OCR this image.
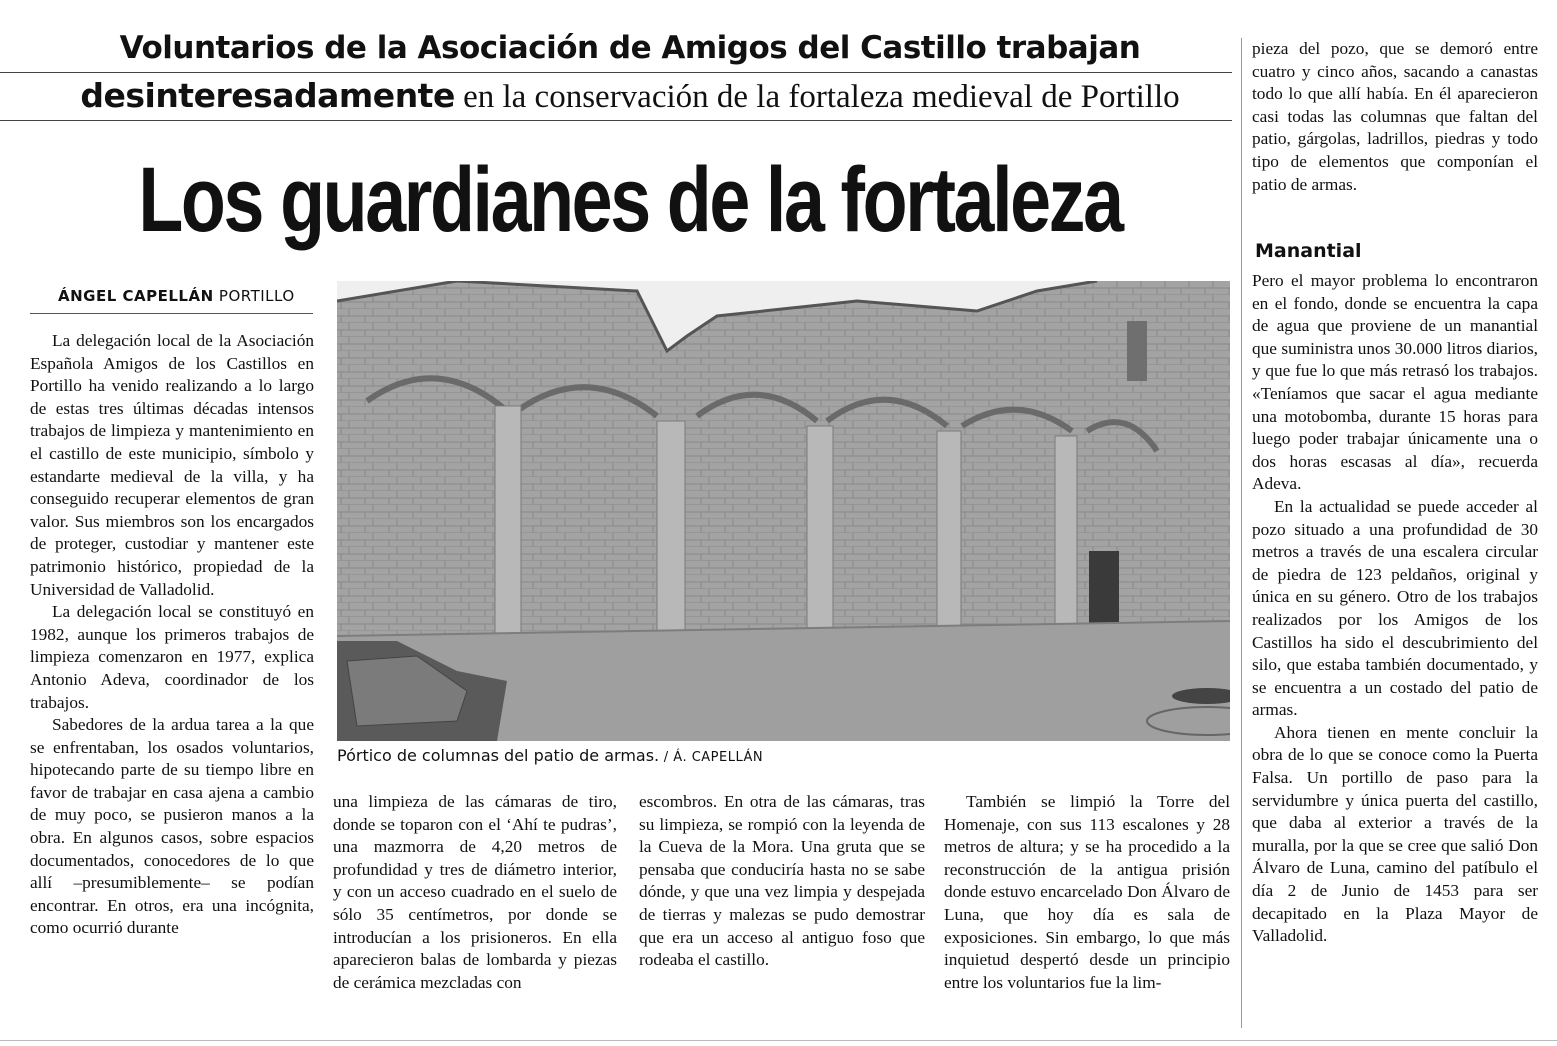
Voluntarios de la Asociación de Amigos del Castillo trabajan
desinteresadamente en la conservación de la fortaleza medieval de Portillo
Los guardianes de la fortaleza
ÁNGEL CAPELLÁN PORTILLO

La delegación local de la Asociación Española Amigos de los Castillos en Portillo ha venido realizando a lo largo de estas tres últimas décadas intensos trabajos de limpieza y mantenimiento en el castillo de este municipio, símbolo y estandarte medieval de la villa, y ha conseguido recuperar elementos de gran valor. Sus miembros son los encargados de proteger, custodiar y mantener este patrimonio histórico, propiedad de la Universidad de Valladolid.

La delegación local se constituyó en 1982, aunque los primeros trabajos de limpieza comenzaron en 1977, explica Antonio Adeva, coordinador de los trabajos.

Sabedores de la ardua tarea a la que se enfrentaban, los osados voluntarios, hipotecando parte de su tiempo libre en favor de trabajar en casa ajena a cambio de muy poco, se pusieron manos a la obra. En algunos casos, sobre espacios documentados, conocedores de lo que allí –presumiblemente– se podían encontrar. En otros, era una incógnita, como ocurrió durante

Pórtico de columnas del patio de armas. / Á. CAPELLÁN

una limpieza de las cámaras de tiro, donde se toparon con el ‘Ahí te pudras’, una mazmorra de 4,20 metros de profundidad y tres de diámetro interior, y con un acceso cuadrado en el suelo de sólo 35 centímetros, por donde se introducían a los prisioneros. En ella aparecieron balas de lombarda y piezas de cerámica mezcladas con

escombros. En otra de las cámaras, tras su limpieza, se rompió con la leyenda de la Cueva de la Mora. Una gruta que se pensaba que conduciría hasta no se sabe dónde, y que una vez limpia y despejada de tierras y malezas se pudo demostrar que era un acceso al antiguo foso que rodeaba el castillo.

También se limpió la Torre del Homenaje, con sus 113 escalones y 28 metros de altura; y se ha procedido a la reconstrucción de la antigua prisión donde estuvo encarcelado Don Álvaro de Luna, que hoy día es sala de exposiciones. Sin embargo, lo que más inquietud despertó desde un principio entre los voluntarios fue la lim-

pieza del pozo, que se demoró entre cuatro y cinco años, sacando a canastas todo lo que allí había. En él aparecieron casi todas las columnas que faltan del patio, gárgolas, ladrillos, piedras y todo tipo de elementos que componían el patio de armas.

Manantial

Pero el mayor problema lo encontraron en el fondo, donde se encuentra la capa de agua que proviene de un manantial que suministra unos 30.000 litros diarios, y que fue lo que más retrasó los trabajos. «Teníamos que sacar el agua mediante una motobomba, durante 15 horas para luego poder trabajar únicamente una o dos horas escasas al día», recuerda Adeva.

En la actualidad se puede acceder al pozo situado a una profundidad de 30 metros a través de una escalera circular de piedra de 123 peldaños, original y única en su género. Otro de los trabajos realizados por los Amigos de los Castillos ha sido el descubrimiento del silo, que estaba también documentado, y se encuentra a un costado del patio de armas.

Ahora tienen en mente concluir la obra de lo que se conoce como la Puerta Falsa. Un portillo de paso para la servidumbre y única puerta del castillo, que daba al exterior a través de la muralla, por la que se cree que salió Don Álvaro de Luna, camino del patíbulo el día 2 de Junio de 1453 para ser decapitado en la Plaza Mayor de Valladolid.
